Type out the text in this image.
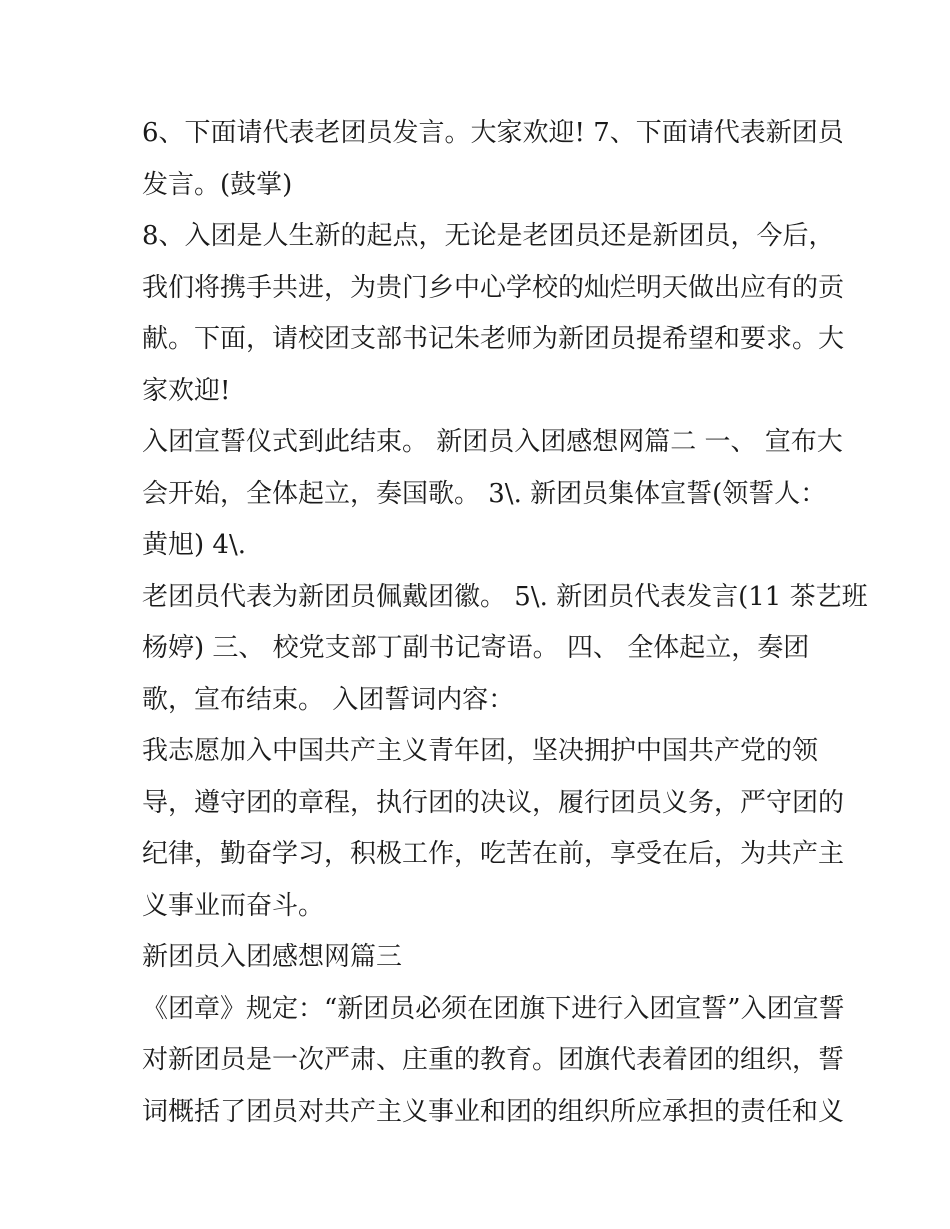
6、下面请代表老团员发言。大家欢迎! 7、下面请代表新团员

发言。(鼓掌)

8、入团是人生新的起点，无论是老团员还是新团员，今后，

我们将携手共进，为贵门乡中心学校的灿烂明天做出应有的贡

献。下面，请校团支部书记朱老师为新团员提希望和要求。大

家欢迎!

入团宣誓仪式到此结束。 新团员入团感想网篇二 一、 宣布大

会开始，全体起立，奏国歌。 3\. 新团员集体宣誓(领誓人：

黄旭) 4\.

老团员代表为新团员佩戴团徽。 5\. 新团员代表发言(11 茶艺班

杨婷) 三、 校党支部丁副书记寄语。 四、 全体起立，奏团

歌，宣布结束。 入团誓词内容：

我志愿加入中国共产主义青年团，坚决拥护中国共产党的领

导，遵守团的章程，执行团的决议，履行团员义务，严守团的

纪律，勤奋学习，积极工作，吃苦在前，享受在后，为共产主

义事业而奋斗。

新团员入团感想网篇三

《团章》规定：“新团员必须在团旗下进行入团宣誓”入团宣誓

对新团员是一次严肃、庄重的教育。团旗代表着团的组织，誓

词概括了团员对共产主义事业和团的组织所应承担的责任和义
